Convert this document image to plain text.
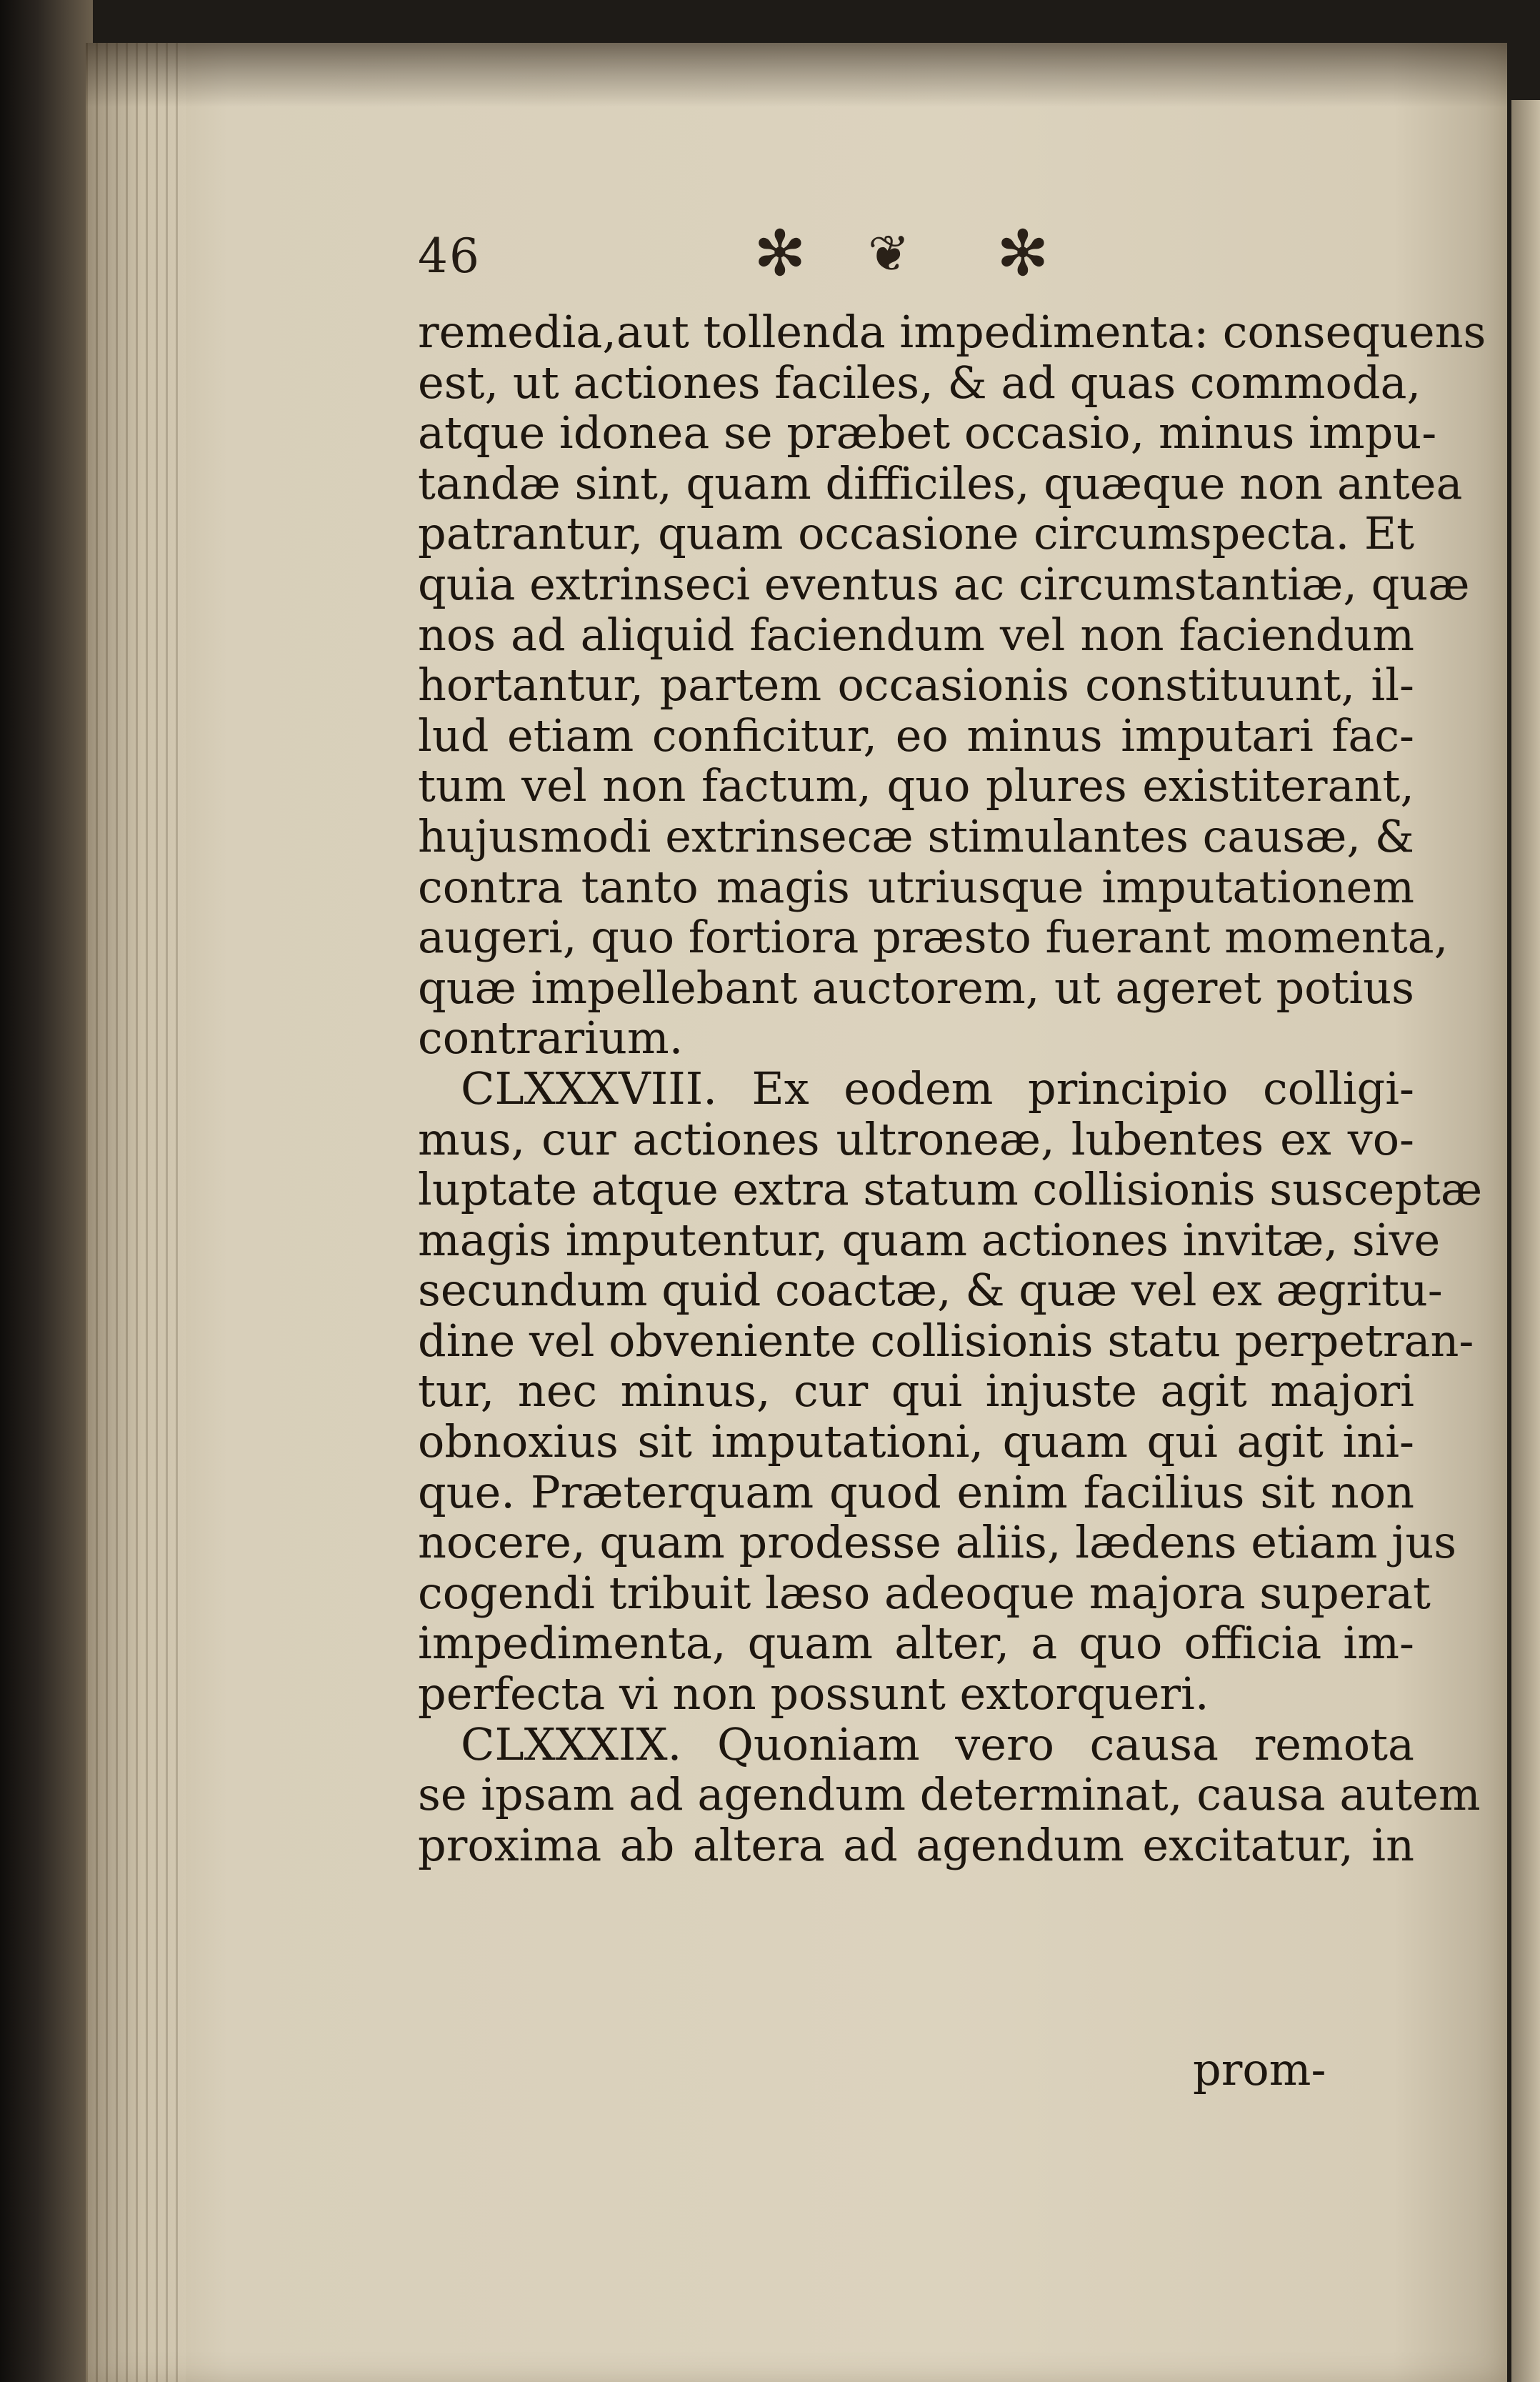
46	✻ ❦ ✻
remedia,aut tollenda impedimenta: consequens
est, ut actiones faciles, & ad quas commoda,
atque idonea se præbet occasio, minus impu-
tandæ sint, quam difficiles, quæque non antea
patrantur, quam occasione circumspecta. Et
quia extrinseci eventus ac circumstantiæ, quæ
nos ad aliquid faciendum vel non faciendum
hortantur, partem occasionis constituunt, il-
lud etiam conficitur, eo minus imputari fac-
tum vel non factum, quo plures existiterant,
hujusmodi extrinsecæ stimulantes causæ, &
contra tanto magis utriusque imputationem
augeri, quo fortiora præsto fuerant momenta,
quæ impellebant auctorem, ut ageret potius
contrarium.
CLXXXVIII. Ex eodem principio colligi-
mus, cur actiones ultroneæ, lubentes ex vo-
luptate atque extra statum collisionis susceptæ
magis imputentur, quam actiones invitæ, sive
secundum quid coactæ, & quæ vel ex ægritu-
dine vel obveniente collisionis statu perpetran-
tur, nec minus, cur qui injuste agit majori
obnoxius sit imputationi, quam qui agit ini-
que. Præterquam quod enim facilius sit non
nocere, quam prodesse aliis, lædens etiam jus
cogendi tribuit læso adeoque majora superat
impedimenta, quam alter, a quo officia im-
perfecta vi non possunt extorqueri.
CLXXXIX. Quoniam vero causa remota
se ipsam ad agendum determinat, causa autem
proxima ab altera ad agendum excitatur, in
prom-
